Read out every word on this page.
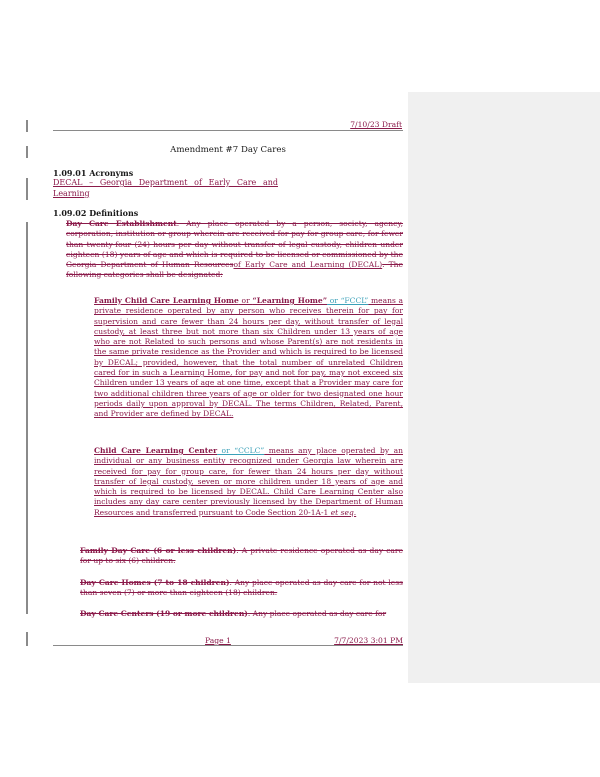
7/10/23 Draft
Amendment #7 Day Cares
1.09.01 Acronyms
DECAL – Georgia Department of Early Care and Learning
1.09.02 Definitions
Day Care Establishment. Any place operated by a person, society, agency, corporation, institution or group wherein are received for pay for group care, for fewer than twenty-four (24) hours per day without transfer of legal custody, children under eighteen (18) years of age and which is required to be licensed or commissioned by the Georgia Department of Human Resourcesof Early Care and Learning (DECAL). The following categories shall be designated:
Family Child Care Learning Home or “Learning Home” or “FCCL” means a private residence operated by any person who receives therein for pay for supervision and care fewer than 24 hours per day, without transfer of legal custody, at least three but not more than six Children under 13 years of age who are not Related to such persons and whose Parent(s) are not residents in the same private residence as the Provider and which is required to be licensed by DECAL; provided, however, that the total number of unrelated Children cared for in such a Learning Home, for pay and not for pay, may not exceed six Children under 13 years of age at one time, except that a Provider may care for two additional children three years of age or older for two designated one hour periods daily upon approval by DECAL. The terms Children, Related, Parent, and Provider are defined by DECAL.
Child Care Learning Center or “CCLC” means any place operated by an individual or any business entity recognized under Georgia law wherein are received for pay for group care, for fewer than 24 hours per day without transfer of legal custody, seven or more children under 18 years of age and which is required to be licensed by DECAL. Child Care Learning Center also includes any day care center previously licensed by the Department of Human Resources and transferred pursuant to Code Section 20-1A-1 et seq.
Family Day Care (6 or less children). A private residence operated as day care for up to six (6) children.
Day Care Homes (7 to 18 children). Any place operated as day care for not less than seven (7) or more than eighteen (18) children.
Day Care Centers (19 or more children). Any place operated as day care for
Page 1	7/7/2023 3:01 PM
